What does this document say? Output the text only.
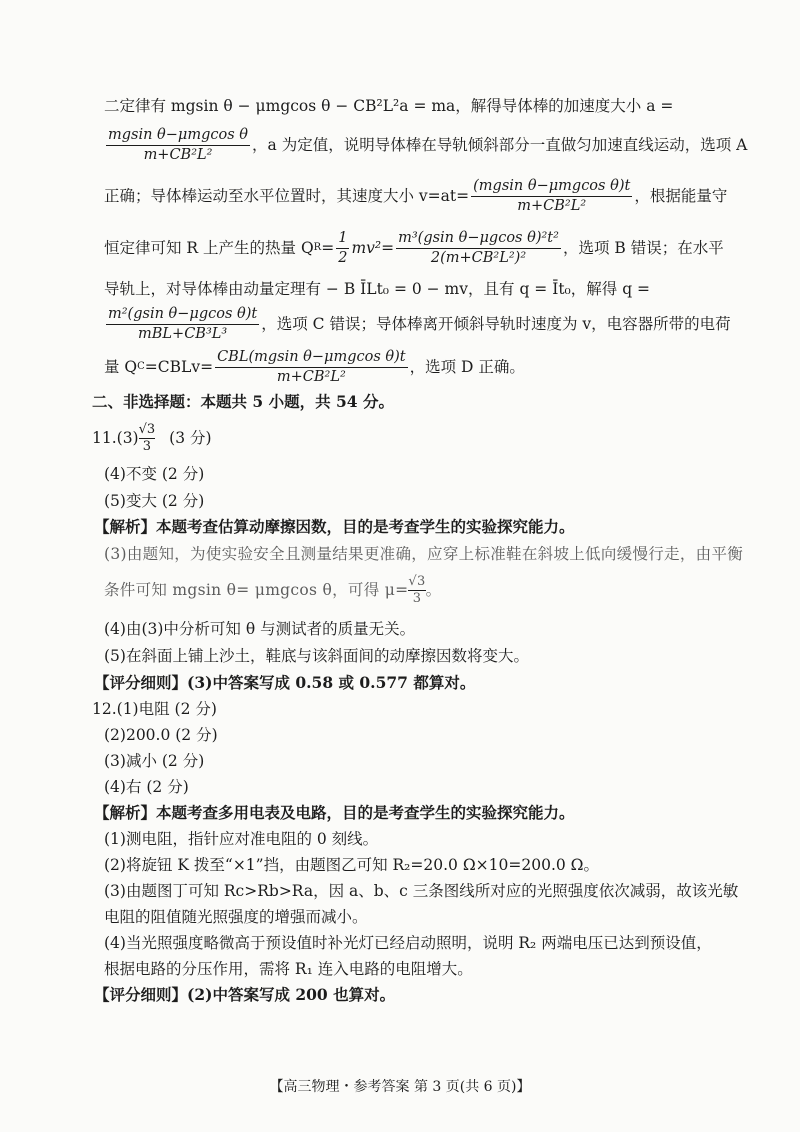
二定律有 mgsin θ − μmgcos θ − CB²L²a = ma，解得导体棒的加速度大小 a =
$\frac{\text{mgsin θ−μmgcos θ}}{\text{m+CB²L²}}$ ，a 为定值，说明导体棒在导轨倾斜部分一直做匀加速直线运动，选项 A
正确；导体棒运动至水平位置时，其速度大小 $v=at= \frac{\text{(mgsin θ−μmgcos θ)t}}{\text{m+CB²L²}}$ ，根据能量守
恒定律可知 R 上产生的热量 Q $R = \frac{1}{2} mv^2= \frac{\text{m³(gsin θ−μgcos θ)²t²}}{\text{2(m+CB²L²)²}}$ ，选项 B 错误；在水平
导轨上，对导体棒由动量定理有 − B ĪLt₀ = 0 − mv，且有 q = Īt₀，解得 q =
$\frac{\text{m²(gsin θ−μgcos θ)t}}{\text{mBL+CB³L³}}$ ，选项 C 错误；导体棒离开倾斜导轨时速度为 v，电容器所带的电荷
量 Q C =CBLv= $\frac{\text{CBL(mgsin θ−μmgcos θ)t}}{\text{m+CB²L²}}$ ，选项 D 正确。
二、非选择题：本题共 5 小题，共 54 分。
$11.(3) \frac{√3}{3} (3$ 分)
(4)不变 (2 分)
(5)变大 (2 分)
【解析】本题考查估算动摩擦因数，目的是考查学生的实验探究能力。
(3)由题知，为使实验安全且测量结果更准确，应穿上标准鞋在斜坡上低向缓慢行走，由平衡
条件可知 mgsin θ= μmgcos θ，可得 $\mu= \frac{√3}{3}$ 。
(4)由(3)中分析可知 θ 与测试者的质量无关。
(5)在斜面上铺上沙土，鞋底与该斜面间的动摩擦因数将变大。
【评分细则】(3)中答案写成 0.58 或 0.577 都算对。
12.(1)电阻 (2 分)
(2)200.0 (2 分)
(3)减小 (2 分)
(4)右 (2 分)
【解析】本题考查多用电表及电路，目的是考查学生的实验探究能力。
(1)测电阻，指针应对准电阻的 0 刻线。
(2)将旋钮 K 拨至“×1”挡，由题图乙可知 R₂=20.0 Ω×10=200.0 Ω。
(3)由题图丁可知 Rc>Rb>Ra，因 a、b、c 三条图线所对应的光照强度依次减弱，故该光敏
电阻的阻值随光照强度的增强而减小。
(4)当光照强度略微高于预设值时补光灯已经启动照明，说明 R₂ 两端电压已达到预设值，
根据电路的分压作用，需将 R₁ 连入电路的电阻增大。
【评分细则】(2)中答案写成 200 也算对。
【高三物理・参考答案 第 3 页(共 6 页)】
